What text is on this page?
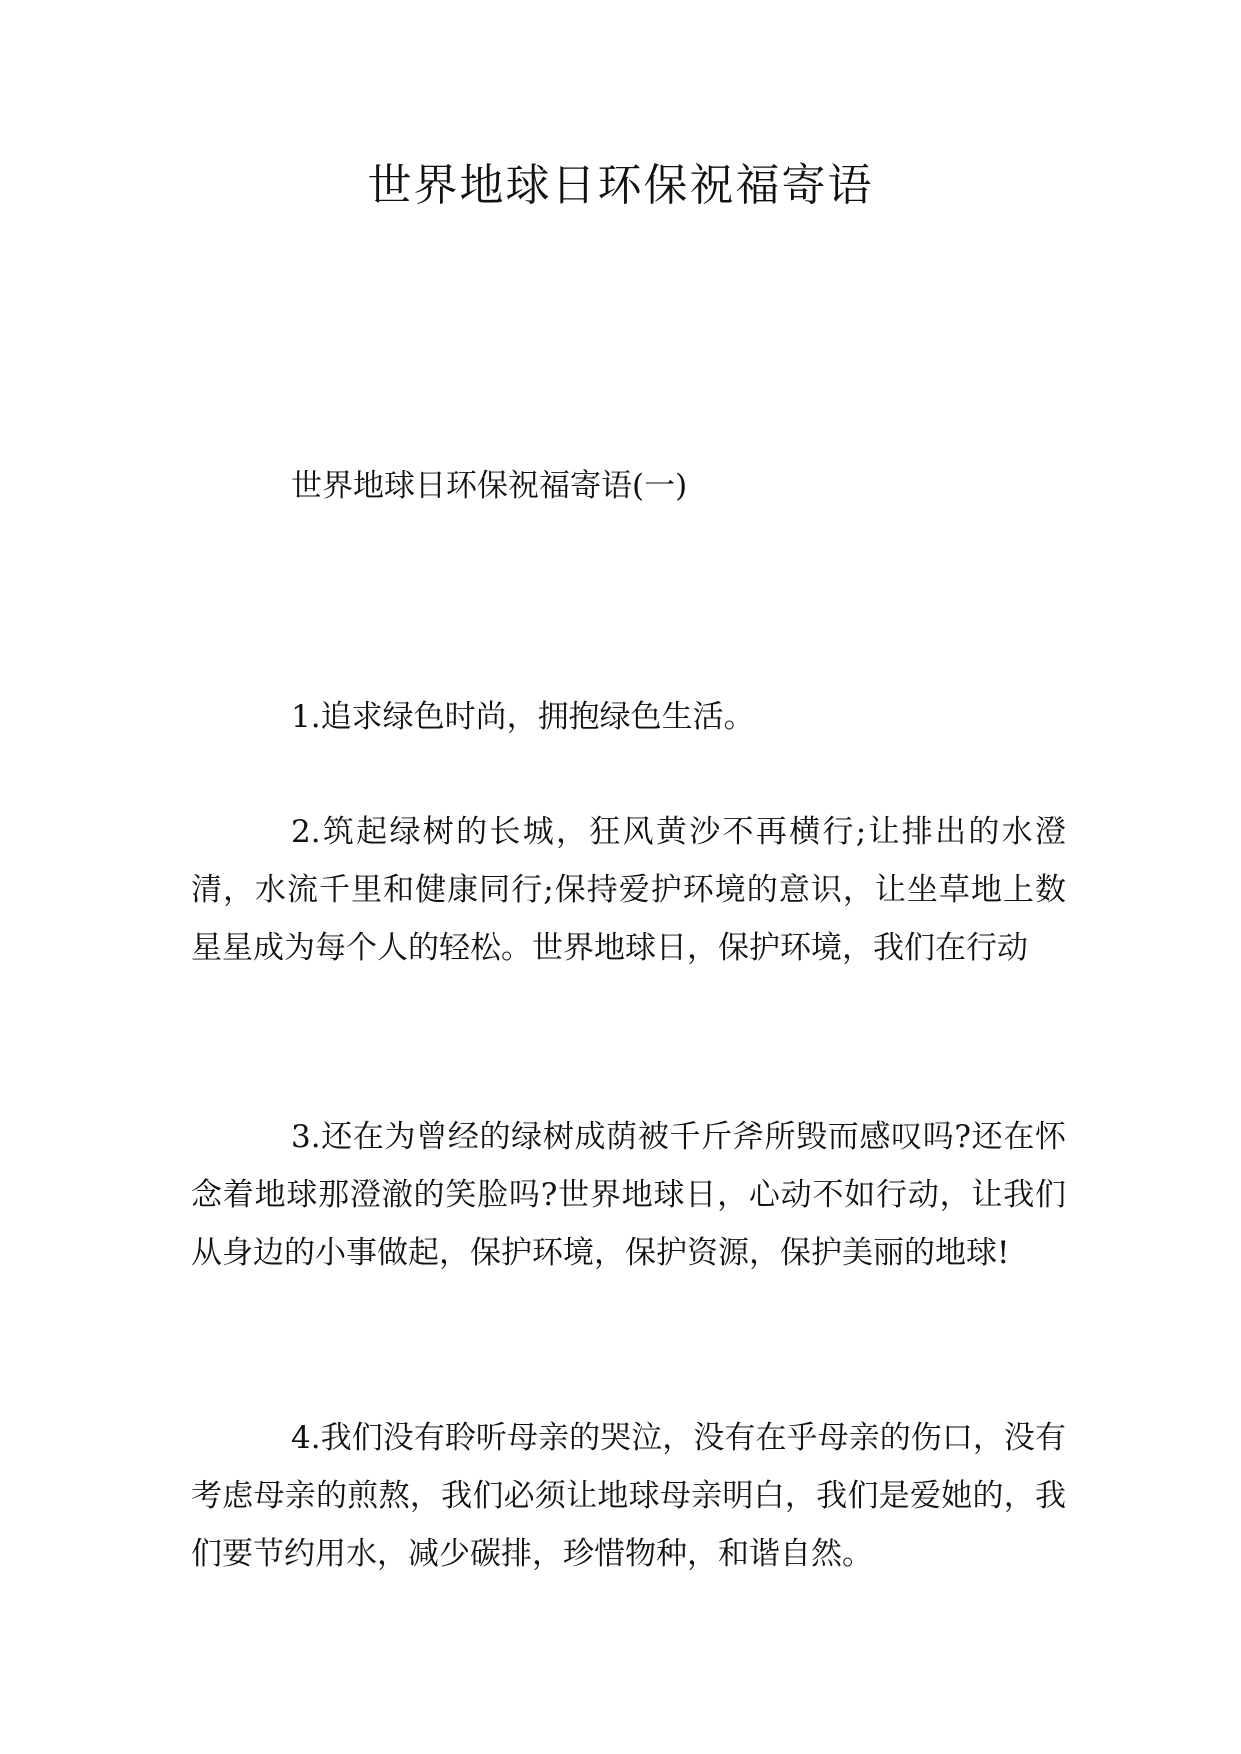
世界地球日环保祝福寄语

世界地球日环保祝福寄语(一)

1.追求绿色时尚，拥抱绿色生活。

2.筑起绿树的长城，狂风黄沙不再横行;让排出的水澄清，水流千里和健康同行;保持爱护环境的意识，让坐草地上数星星成为每个人的轻松。世界地球日，保护环境，我们在行动

3.还在为曾经的绿树成荫被千斤斧所毁而感叹吗?还在怀念着地球那澄澈的笑脸吗?世界地球日，心动不如行动，让我们从身边的小事做起，保护环境，保护资源，保护美丽的地球!

4.我们没有聆听母亲的哭泣，没有在乎母亲的伤口，没有考虑母亲的煎熬，我们必须让地球母亲明白，我们是爱她的，我们要节约用水，减少碳排，珍惜物种，和谐自然。
